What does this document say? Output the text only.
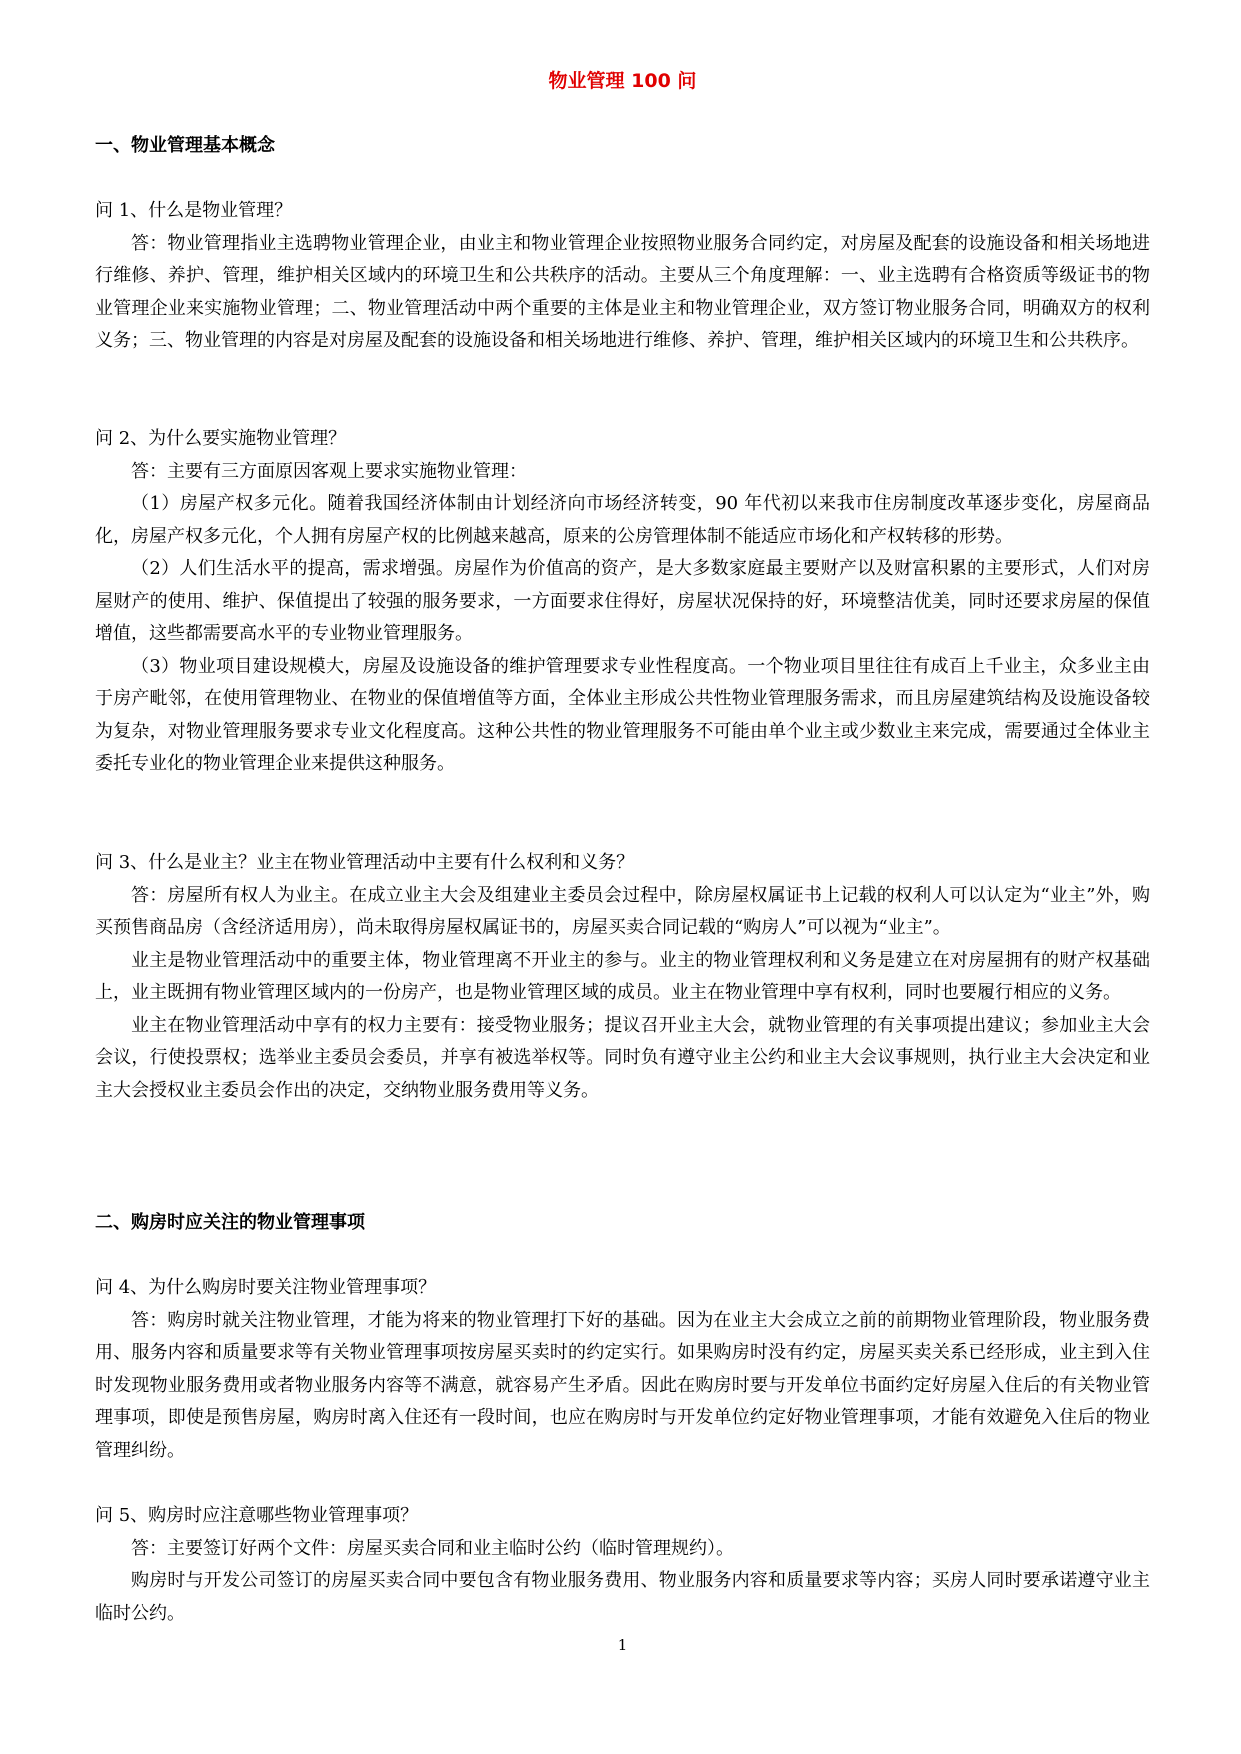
物业管理 100 问
一、物业管理基本概念

问 1、什么是物业管理？

答：物业管理指业主选聘物业管理企业，由业主和物业管理企业按照物业服务合同约定，对房屋及配套的设施设备和相关场地进行维修、养护、管理，维护相关区域内的环境卫生和公共秩序的活动。主要从三个角度理解：一、业主选聘有合格资质等级证书的物业管理企业来实施物业管理；二、物业管理活动中两个重要的主体是业主和物业管理企业，双方签订物业服务合同，明确双方的权利义务；三、物业管理的内容是对房屋及配套的设施设备和相关场地进行维修、养护、管理，维护相关区域内的环境卫生和公共秩序。

问 2、为什么要实施物业管理？

答：主要有三方面原因客观上要求实施物业管理：

（1）房屋产权多元化。随着我国经济体制由计划经济向市场经济转变，90 年代初以来我市住房制度改革逐步变化，房屋商品化，房屋产权多元化，个人拥有房屋产权的比例越来越高，原来的公房管理体制不能适应市场化和产权转移的形势。

（2）人们生活水平的提高，需求增强。房屋作为价值高的资产，是大多数家庭最主要财产以及财富积累的主要形式，人们对房屋财产的使用、维护、保值提出了较强的服务要求，一方面要求住得好，房屋状况保持的好，环境整洁优美，同时还要求房屋的保值增值，这些都需要高水平的专业物业管理服务。

（3）物业项目建设规模大，房屋及设施设备的维护管理要求专业性程度高。一个物业项目里往往有成百上千业主，众多业主由于房产毗邻，在使用管理物业、在物业的保值增值等方面，全体业主形成公共性物业管理服务需求，而且房屋建筑结构及设施设备较为复杂，对物业管理服务要求专业文化程度高。这种公共性的物业管理服务不可能由单个业主或少数业主来完成，需要通过全体业主委托专业化的物业管理企业来提供这种服务。

问 3、什么是业主？业主在物业管理活动中主要有什么权利和义务？

答：房屋所有权人为业主。在成立业主大会及组建业主委员会过程中，除房屋权属证书上记载的权利人可以认定为“业主”外，购买预售商品房（含经济适用房），尚未取得房屋权属证书的，房屋买卖合同记载的“购房人”可以视为“业主”。

业主是物业管理活动中的重要主体，物业管理离不开业主的参与。业主的物业管理权利和义务是建立在对房屋拥有的财产权基础上，业主既拥有物业管理区域内的一份房产，也是物业管理区域的成员。业主在物业管理中享有权利，同时也要履行相应的义务。

业主在物业管理活动中享有的权力主要有：接受物业服务；提议召开业主大会，就物业管理的有关事项提出建议；参加业主大会会议，行使投票权；选举业主委员会委员，并享有被选举权等。同时负有遵守业主公约和业主大会议事规则，执行业主大会决定和业主大会授权业主委员会作出的决定，交纳物业服务费用等义务。

二、购房时应关注的物业管理事项

问 4、为什么购房时要关注物业管理事项？

答：购房时就关注物业管理，才能为将来的物业管理打下好的基础。因为在业主大会成立之前的前期物业管理阶段，物业服务费用、服务内容和质量要求等有关物业管理事项按房屋买卖时的约定实行。如果购房时没有约定，房屋买卖关系已经形成，业主到入住时发现物业服务费用或者物业服务内容等不满意，就容易产生矛盾。因此在购房时要与开发单位书面约定好房屋入住后的有关物业管理事项，即使是预售房屋，购房时离入住还有一段时间，也应在购房时与开发单位约定好物业管理事项，才能有效避免入住后的物业管理纠纷。

问 5、购房时应注意哪些物业管理事项？

答：主要签订好两个文件：房屋买卖合同和业主临时公约（临时管理规约）。

购房时与开发公司签订的房屋买卖合同中要包含有物业服务费用、物业服务内容和质量要求等内容；买房人同时要承诺遵守业主临时公约。

1
